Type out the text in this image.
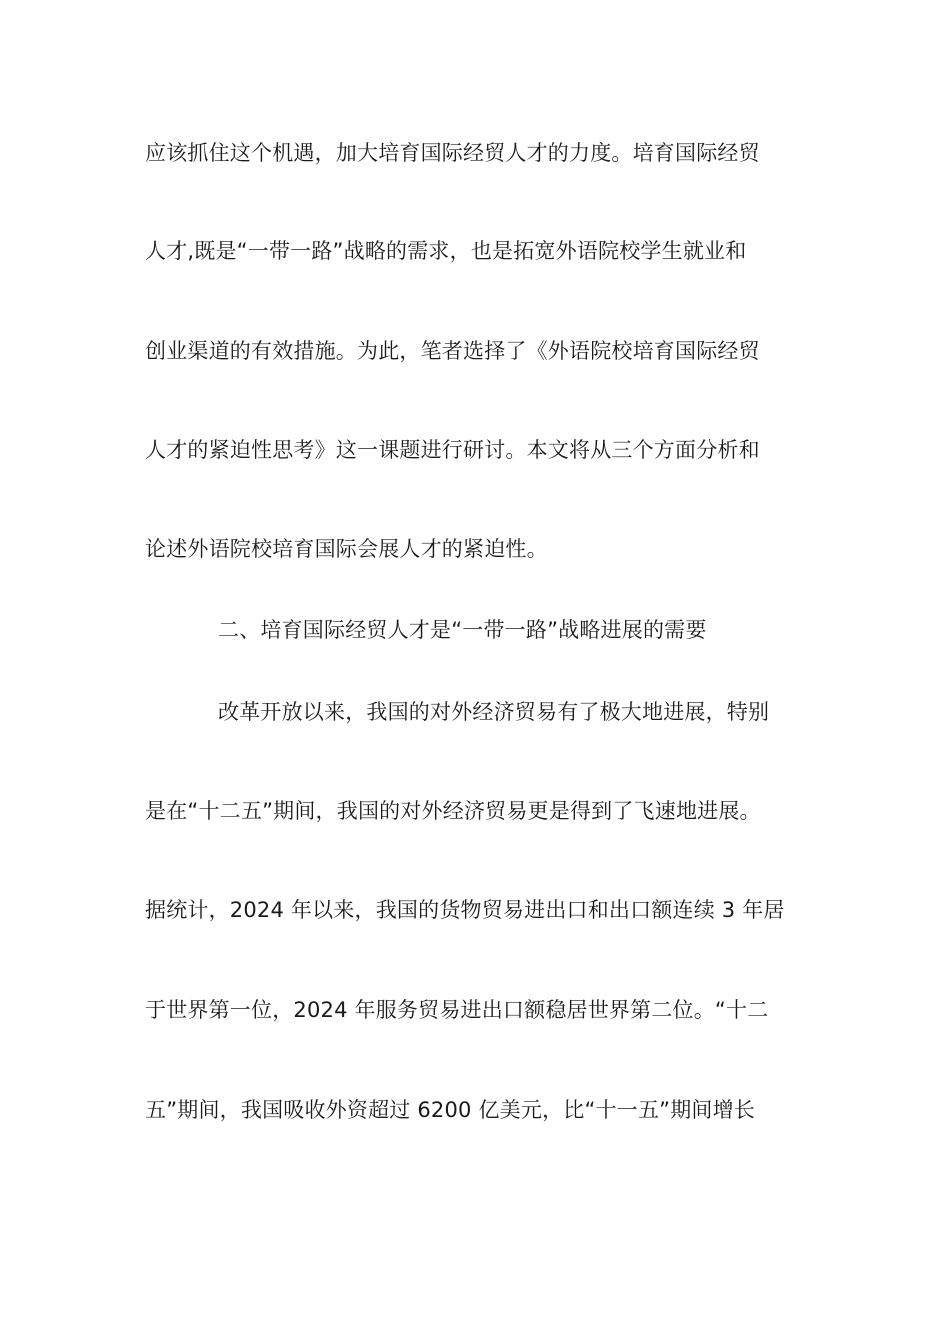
应该抓住这个机遇，加大培育国际经贸人才的力度。培育国际经贸
人才,既是“一带一路”战略的需求，也是拓宽外语院校学生就业和
创业渠道的有效措施。为此，笔者选择了《外语院校培育国际经贸
人才的紧迫性思考》这一课题进行研讨。本文将从三个方面分析和
论述外语院校培育国际会展人才的紧迫性。
二、培育国际经贸人才是“一带一路”战略进展的需要
改革开放以来，我国的对外经济贸易有了极大地进展，特别
是在“十二五”期间，我国的对外经济贸易更是得到了飞速地进展。
据统计，2024 年以来，我国的货物贸易进出口和出口额连续 3 年居
于世界第一位，2024 年服务贸易进出口额稳居世界第二位。“十二
五”期间，我国吸收外资超过 6200 亿美元，比“十一五”期间增长
